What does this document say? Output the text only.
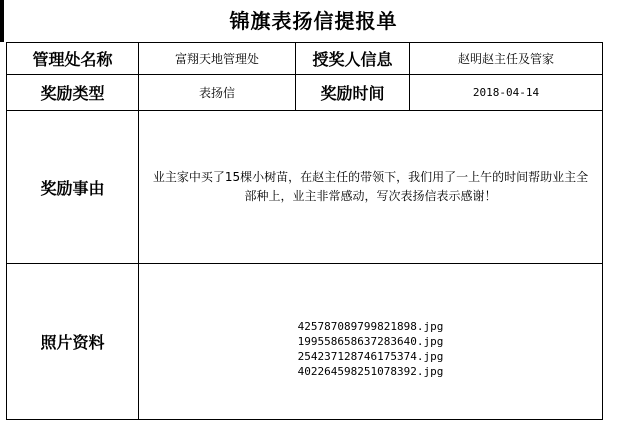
锦旗表扬信提报单
管理处名称	富翔天地管理处	授奖人信息	赵明赵主任及管家
奖励类型	表扬信	奖励时间	2018-04-14
奖励事由	业主家中买了15棵小树苗，在赵主任的带领下，我们用了一上午的时间帮助业主全部种上，业主非常感动，写次表扬信表示感谢！		

照片资料	425787089799821898.jpg
199558658637283640.jpg
254237128746175374.jpg
402264598251078392.jpg		
